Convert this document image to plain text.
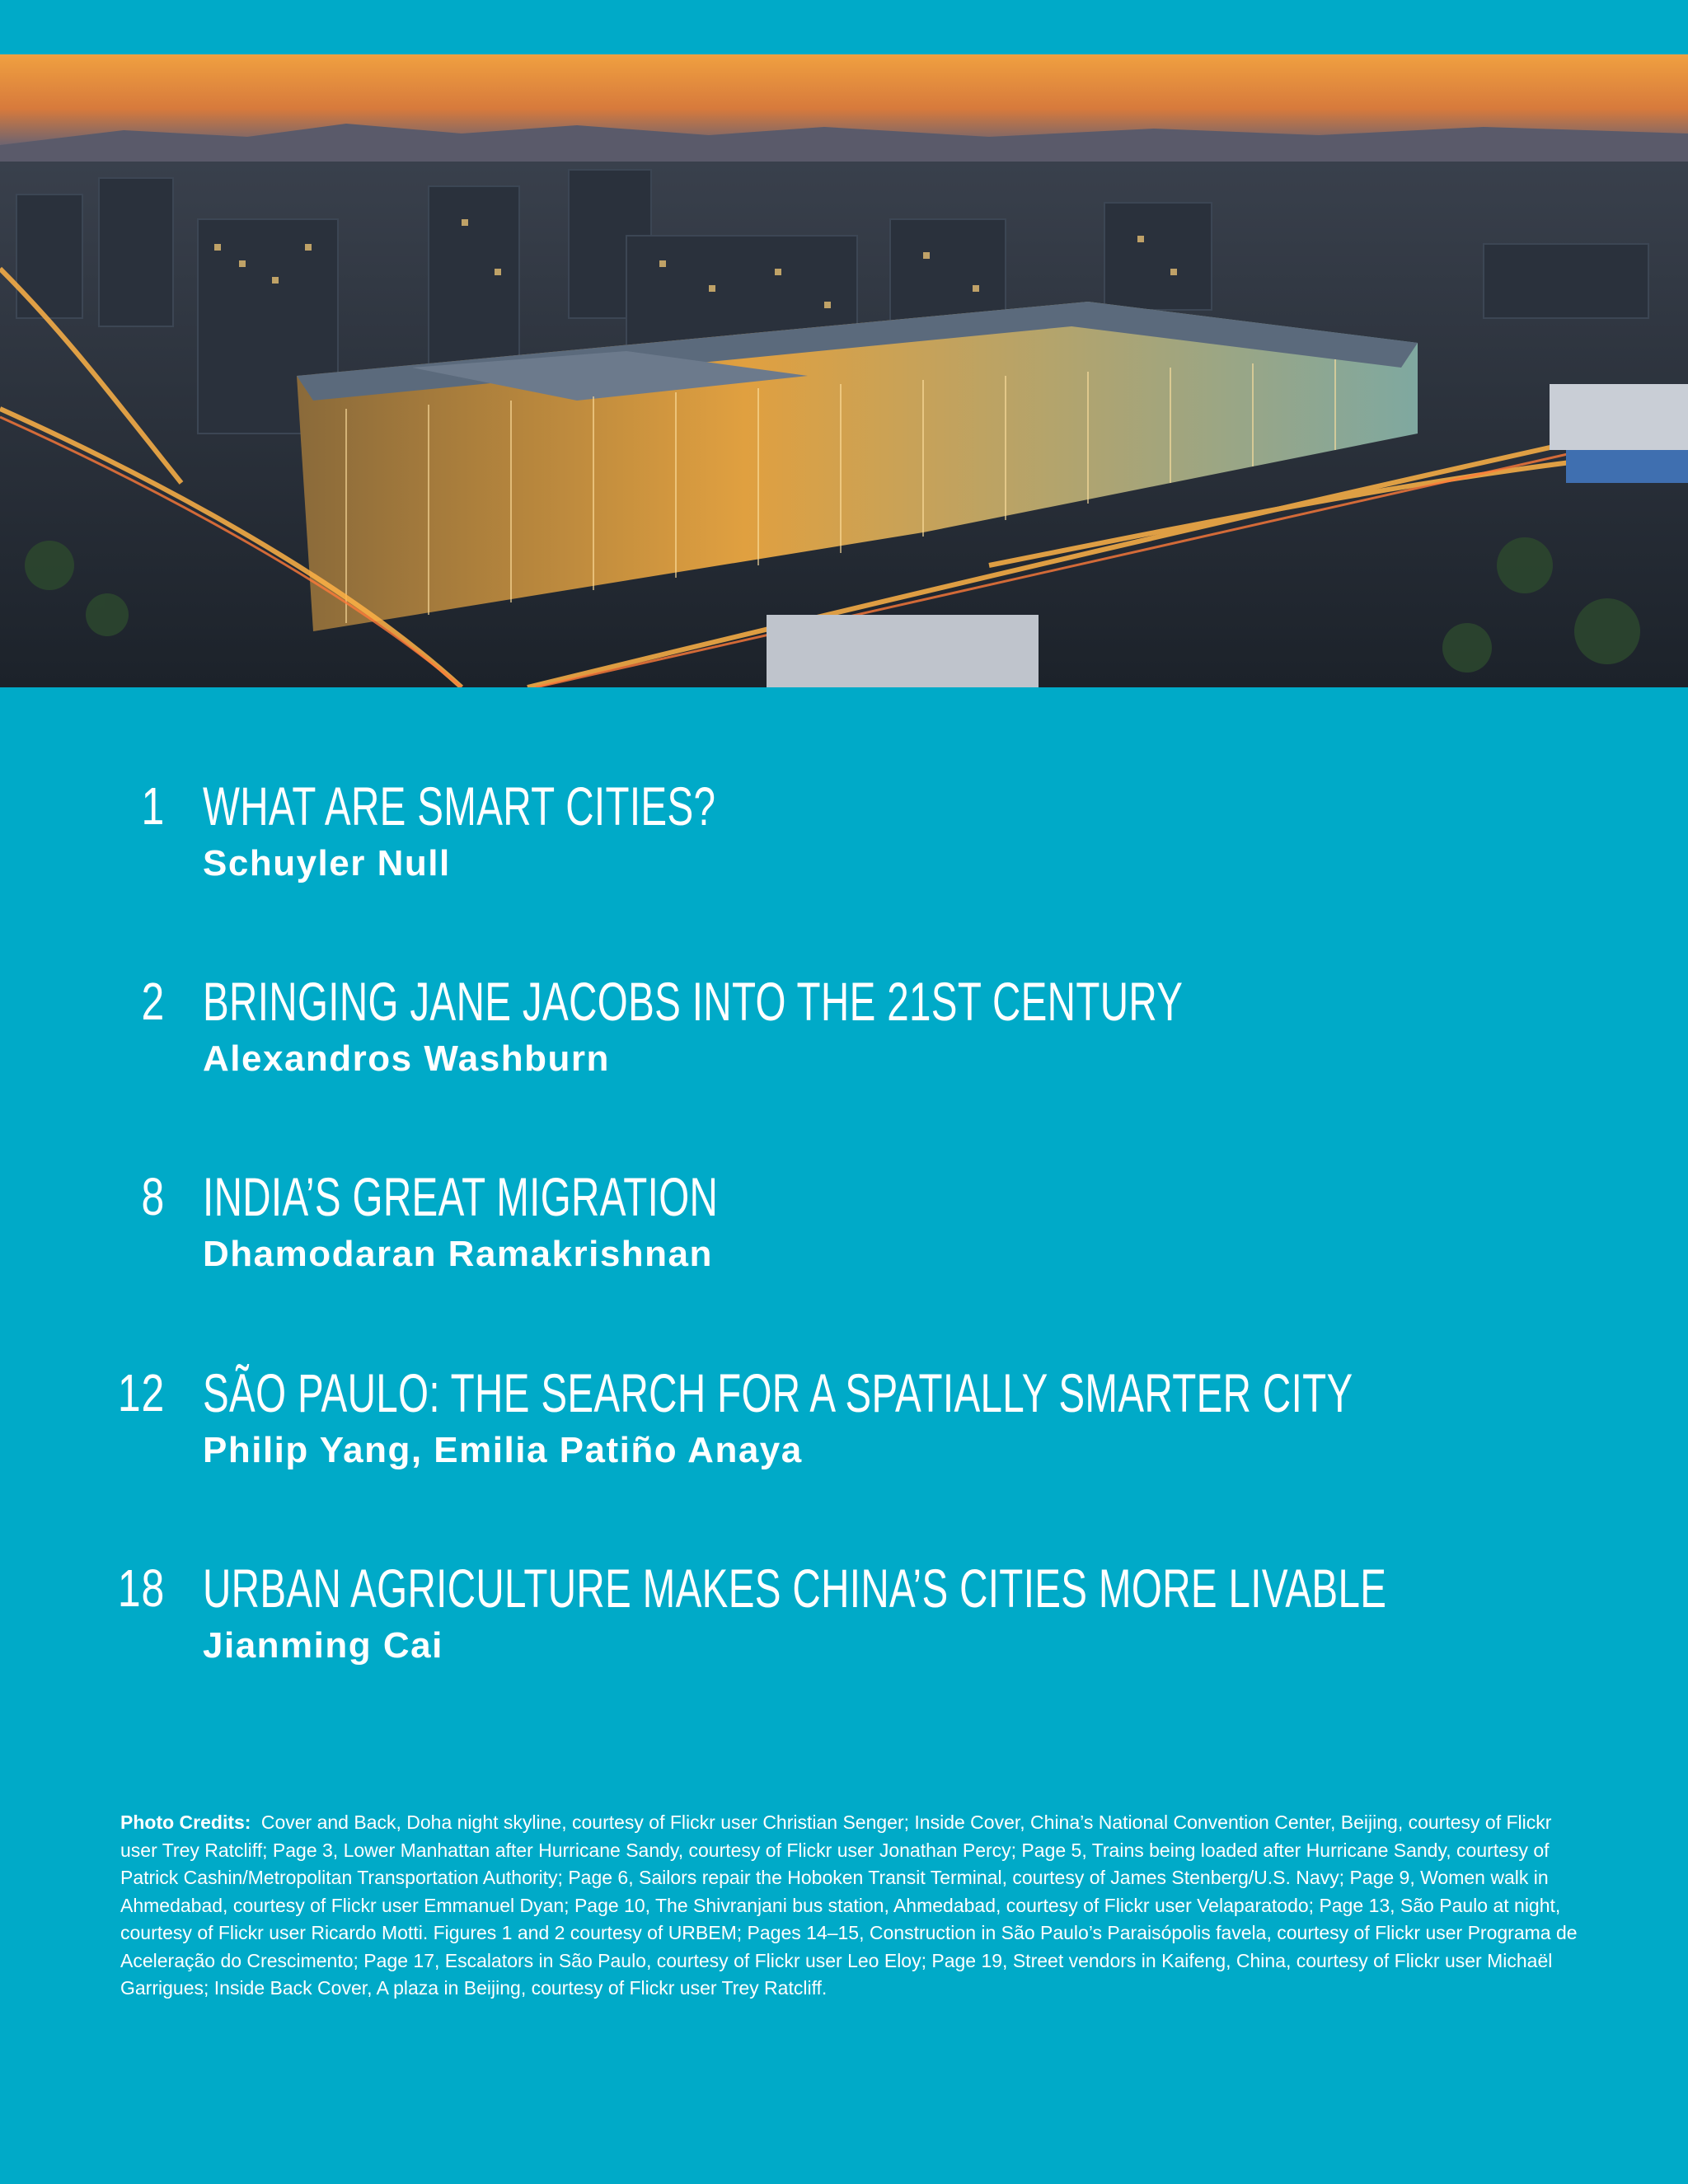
1 WHAT ARE SMART CITIES?
Schuyler Null
2 BRINGING JANE JACOBS INTO THE 21ST CENTURY
Alexandros Washburn
8 INDIA’S GREAT MIGRATION
Dhamodaran Ramakrishnan
12 SÃO PAULO: THE SEARCH FOR A SPATIALLY SMARTER CITY
Philip Yang, Emilia Patiño Anaya
18 URBAN AGRICULTURE MAKES CHINA’S CITIES MORE LIVABLE
Jianming Cai
Photo Credits: Cover and Back, Doha night skyline, courtesy of Flickr user Christian Senger; Inside Cover, China’s National Convention Center, Beijing, courtesy of Flickr user Trey Ratcliff; Page 3, Lower Manhattan after Hurricane Sandy, courtesy of Flickr user Jonathan Percy; Page 5, Trains being loaded after Hurricane Sandy, courtesy of Patrick Cashin/Metropolitan Transportation Authority; Page 6, Sailors repair the Hoboken Transit Terminal, courtesy of James Stenberg/U.S. Navy; Page 9, Women walk in Ahmedabad, courtesy of Flickr user Emmanuel Dyan; Page 10, The Shivranjani bus station, Ahmedabad, courtesy of Flickr user Velaparatodo; Page 13, São Paulo at night, courtesy of Flickr user Ricardo Motti. Figures 1 and 2 courtesy of URBEM; Pages 14–15, Construction in São Paulo’s Paraisópolis favela, courtesy of Flickr user Programa de Aceleração do Crescimento; Page 17, Escalators in São Paulo, courtesy of Flickr user Leo Eloy; Page 19, Street vendors in Kaifeng, China, courtesy of Flickr user Michaël Garrigues; Inside Back Cover, A plaza in Beijing, courtesy of Flickr user Trey Ratcliff.
